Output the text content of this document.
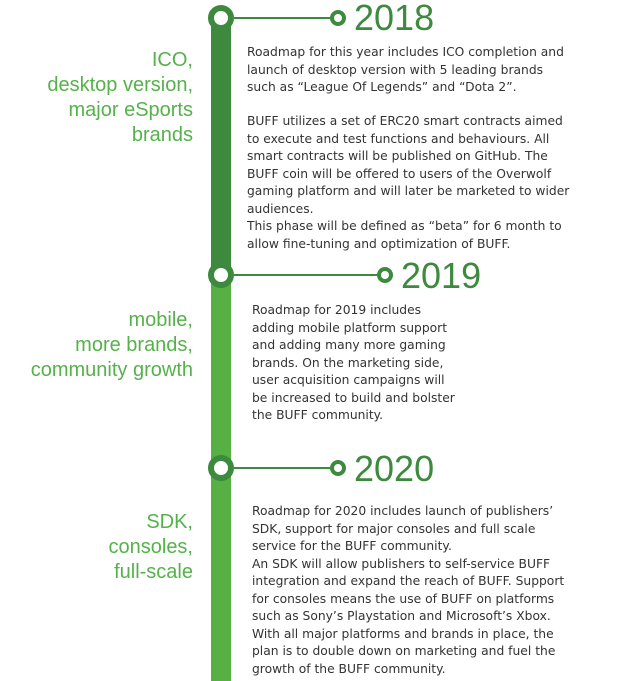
2018
ICO,
desktop version,
major eSports
brands

Roadmap for this year includes ICO completion and
launch of desktop version with 5 leading brands
such as “League Of Legends” and “Dota 2”.

BUFF utilizes a set of ERC20 smart contracts aimed
to execute and test functions and behaviours. All
smart contracts will be published on GitHub. The
BUFF coin will be offered to users of the Overwolf
gaming platform and will later be marketed to wider
audiences.
This phase will be defined as “beta” for 6 month to
allow fine-tuning and optimization of BUFF.

2019
mobile,
more brands,
community growth

Roadmap for 2019 includes
adding mobile platform support
and adding many more gaming
brands. On the marketing side,
user acquisition campaigns will
be increased to build and bolster
the BUFF community.

2020
SDK,
consoles,
full-scale

Roadmap for 2020 includes launch of publishers’
SDK, support for major consoles and full scale
service for the BUFF community.
An SDK will allow publishers to self-service BUFF
integration and expand the reach of BUFF. Support
for consoles means the use of BUFF on platforms
such as Sony’s Playstation and Microsoft’s Xbox.
With all major platforms and brands in place, the
plan is to double down on marketing and fuel the
growth of the BUFF community.
